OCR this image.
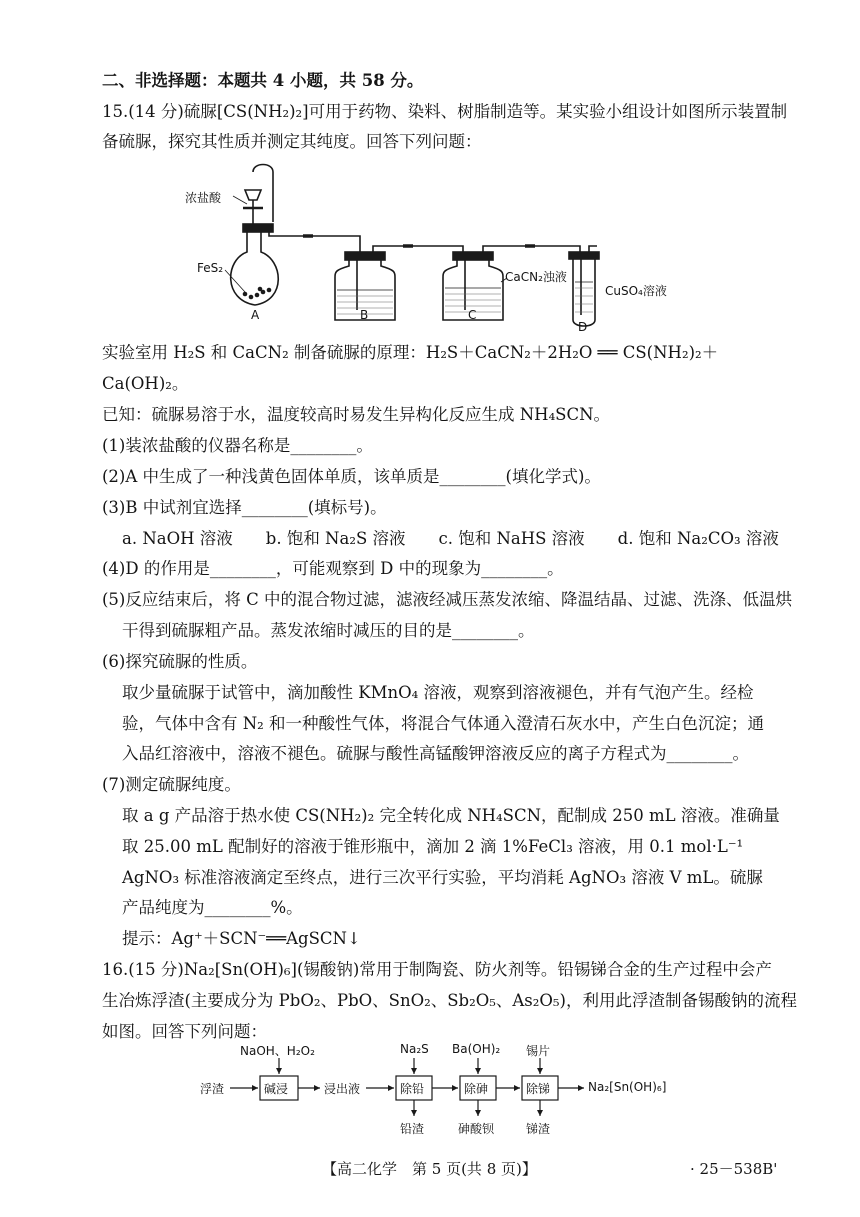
二、非选择题：本题共 4 小题，共 58 分。
15.(14 分)硫脲[CS(NH₂)₂]可用于药物、染料、树脂制造等。某实验小组设计如图所示装置制
备硫脲，探究其性质并测定其纯度。回答下列问题：
浓盐酸
FeS₂
CaCN₂浊液
CuSO₄溶液
A	B	C
D
实验室用 H₂S 和 CaCN₂ 制备硫脲的原理：H₂S＋CaCN₂＋2H₂O ══ CS(NH₂)₂＋
Ca(OH)₂。
已知：硫脲易溶于水，温度较高时易发生异构化反应生成 NH₄SCN。
(1)装浓盐酸的仪器名称是________。
(2)A 中生成了一种浅黄色固体单质，该单质是________(填化学式)。
(3)B 中试剂宜选择________(填标号)。
a. NaOH 溶液　　b. 饱和 Na₂S 溶液　　c. 饱和 NaHS 溶液　　d. 饱和 Na₂CO₃ 溶液
(4)D 的作用是________，可能观察到 D 中的现象为________。
(5)反应结束后，将 C 中的混合物过滤，滤液经减压蒸发浓缩、降温结晶、过滤、洗涤、低温烘
干得到硫脲粗产品。蒸发浓缩时减压的目的是________。
(6)探究硫脲的性质。
取少量硫脲于试管中，滴加酸性 KMnO₄ 溶液，观察到溶液褪色，并有气泡产生。经检
验，气体中含有 N₂ 和一种酸性气体，将混合气体通入澄清石灰水中，产生白色沉淀；通
入品红溶液中，溶液不褪色。硫脲与酸性高锰酸钾溶液反应的离子方程式为________。
(7)测定硫脲纯度。
取 a g 产品溶于热水使 CS(NH₂)₂ 完全转化成 NH₄SCN，配制成 250 mL 溶液。准确量
取 25.00 mL 配制好的溶液于锥形瓶中，滴加 2 滴 1%FeCl₃ 溶液，用 0.1 mol·L⁻¹
AgNO₃ 标准溶液滴定至终点，进行三次平行实验，平均消耗 AgNO₃ 溶液 V mL。硫脲
产品纯度为________%。
提示：Ag⁺＋SCN⁻══AgSCN↓
16.(15 分)Na₂[Sn(OH)₆](锡酸钠)常用于制陶瓷、防火剂等。铅锡锑合金的生产过程中会产
生冶炼浮渣(主要成分为 PbO₂、PbO、SnO₂、Sb₂O₅、As₂O₅)，利用此浮渣制备锡酸钠的流程
如图。回答下列问题：
浮渣	碱浸
NaOH、H₂O₂
浸出液	除铅
Na₂S
铅渣
除砷
Ba(OH)₂
砷酸钡
除锑
锡片
锑渣
Na₂[Sn(OH)₆]
【高二化学　第 5 页(共 8 页)】	· 25－538B'
